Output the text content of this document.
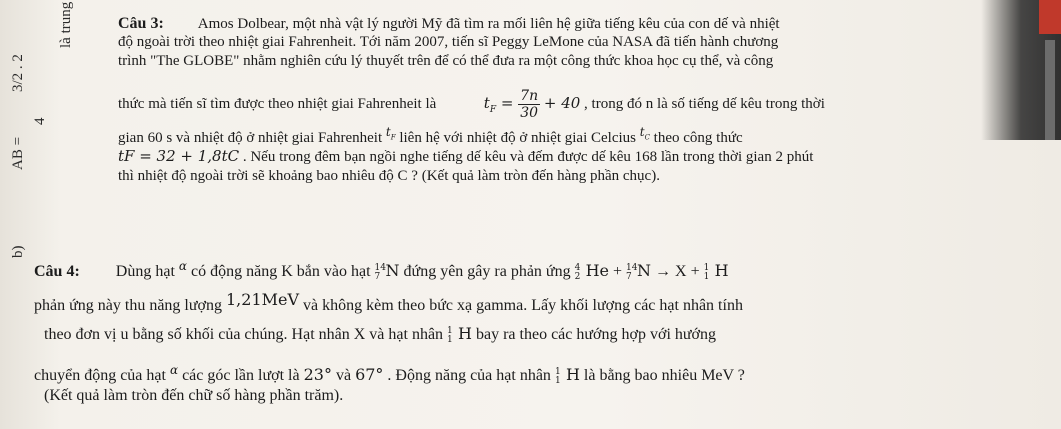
là trung
3/2 . 2
4
AB =
b)
Câu 3: Amos Dolbear, một nhà vật lý người Mỹ đã tìm ra mối liên hệ giữa tiếng kêu của con dế và nhiệt
độ ngoài trời theo nhiệt giai Fahrenheit. Tới năm 2007, tiến sĩ Peggy LeMone của NASA đã tiến hành chương
trình "The GLOBE" nhằm nghiên cứu lý thuyết trên để có thể đưa ra một công thức khoa học cụ thể, và công
thức mà tiến sĩ tìm được theo nhiệt giai Fahrenheit là	$t_F = \frac{7n}{30} + 40$ , trong đó n là số tiếng dế kêu trong thời
gian 60 s và nhiệt độ ở nhiệt giai Fahrenheit $^{t_F}$ liên hệ với nhiệt độ ở nhiệt giai Celcius $^{t_C}$ theo công thức
tF = 32 + 1,8tC . Nếu trong đêm bạn ngồi nghe tiếng dế kêu và đếm được dế kêu 168 lần trong thời gian 2 phút
thì nhiệt độ ngoài trời sẽ khoảng bao nhiêu độ C ? (Kết quả làm tròn đến hàng phần chục).
Câu 4: Dùng hạt $^\alpha$ có động năng K bắn vào hạt 14
7 N đứng yên gây ra phản ứng 4
2 He + 14
7 N → X + 1
1 H
phản ứng này thu năng lượng 1,21MeV và không kèm theo bức xạ gamma. Lấy khối lượng các hạt nhân tính
theo đơn vị u bằng số khối của chúng. Hạt nhân X và hạt nhân 1
1 H bay ra theo các hướng hợp với hướng
chuyển động của hạt $^\alpha$ các góc lần lượt là 23° và 67° . Động năng của hạt nhân 1
1 H là bằng bao nhiêu MeV ?
(Kết quả làm tròn đến chữ số hàng phần trăm).
